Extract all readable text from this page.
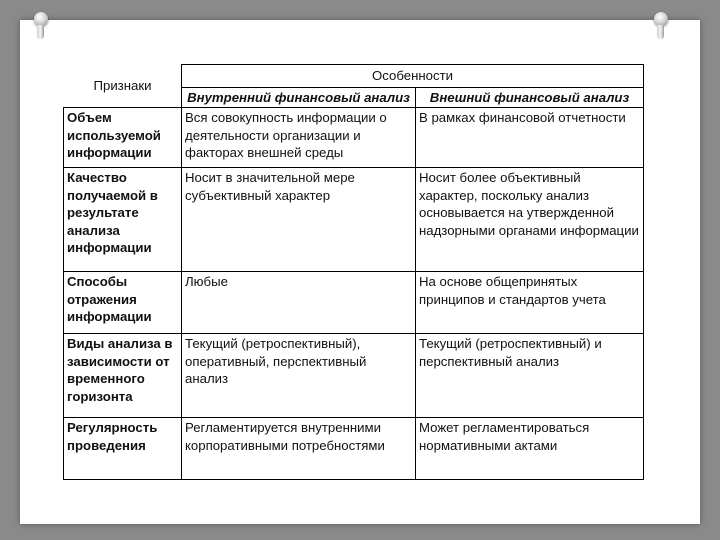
Признаки	Особенности	
	Внутренний финансовый анализ	Внешний финансовый анализ
Объем используемой информации	Вся совокупность информации о деятельности организации и факторах внешней среды	В рамках финансовой отчетности
Качество получаемой в результате анализа информации	Носит в значительной мере субъективный характер	Носит более объективный характер, поскольку анализ основывается на утвержденной надзорными органами информации
Способы отражения информации	Любые	На основе общепринятых принципов и стандартов учета
Виды анализа в зависимости от временного горизонта	Текущий (ретроспективный), оперативный, перспективный анализ	Текущий (ретроспективный) и перспективный анализ
Регулярность проведения	Регламентируется внутренними корпоративными потребностями	Может регламентироваться нормативными актами
